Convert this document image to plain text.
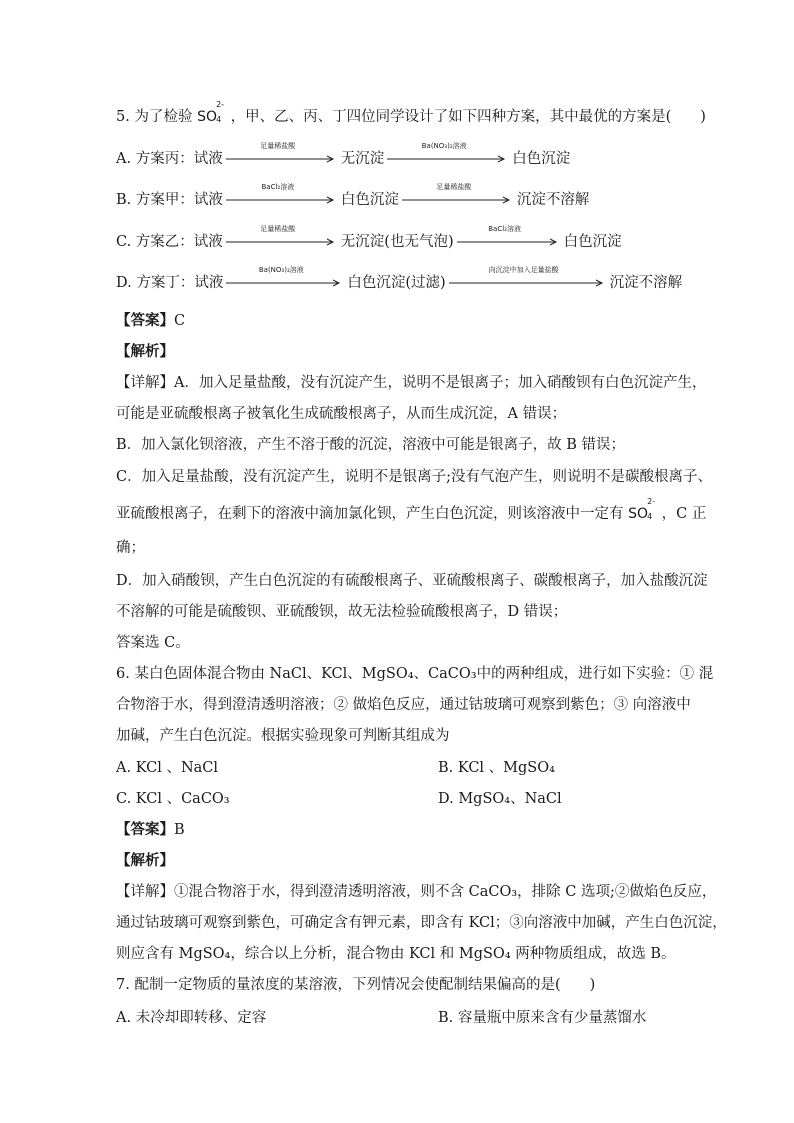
5. 为了检验 SO
2-
4 ，甲、乙、丙、丁四位同学设计了如下四种方案，其中最优的方案是(　　)
A. 方案丙：试液
足量稀盐酸
无沉淀
Ba(NO₃)₂溶液
白色沉淀
B. 方案甲：试液
BaCl₂溶液
白色沉淀
足量稀盐酸
沉淀不溶解
C. 方案乙：试液
足量稀盐酸
无沉淀(也无气泡)
BaCl₂溶液
白色沉淀
D. 方案丁：试液
Ba(NO₃)₂溶液
白色沉淀(过滤)
向沉淀中加入足量盐酸
沉淀不溶解
【答案】C
【解析】
【详解】A．加入足量盐酸，没有沉淀产生，说明不是银离子；加入硝酸钡有白色沉淀产生，
可能是亚硫酸根离子被氧化生成硫酸根离子，从而生成沉淀，A 错误；
B．加入氯化钡溶液，产生不溶于酸的沉淀，溶液中可能是银离子，故 B 错误；
C．加入足量盐酸，没有沉淀产生，说明不是银离子;没有气泡产生，则说明不是碳酸根离子、
亚硫酸根离子，在剩下的溶液中滴加氯化钡，产生白色沉淀，则该溶液中一定有 SO
2-
4 ，C 正
确；
D．加入硝酸钡，产生白色沉淀的有硫酸根离子、亚硫酸根离子、碳酸根离子，加入盐酸沉淀
不溶解的可能是硫酸钡、亚硫酸钡，故无法检验硫酸根离子，D 错误；
答案选 C。
6. 某白色固体混合物由 NaCl、KCl、MgSO₄、CaCO₃中的两种组成，进行如下实验：① 混
合物溶于水，得到澄清透明溶液；② 做焰色反应，通过钴玻璃可观察到紫色；③ 向溶液中
加碱，产生白色沉淀。根据实验现象可判断其组成为
A. KCl 、NaCl	B. KCl 、MgSO₄
C. KCl 、CaCO₃	D. MgSO₄、NaCl
【答案】B
【解析】
【详解】①混合物溶于水，得到澄清透明溶液，则不含 CaCO₃，排除 C 选项;②做焰色反应，
通过钴玻璃可观察到紫色，可确定含有钾元素，即含有 KCl；③向溶液中加碱，产生白色沉淀，
则应含有 MgSO₄，综合以上分析，混合物由 KCl 和 MgSO₄ 两种物质组成，故选 B。
7. 配制一定物质的量浓度的某溶液，下列情况会使配制结果偏高的是(　　)
A. 未冷却即转移、定容	B. 容量瓶中原来含有少量蒸馏水
